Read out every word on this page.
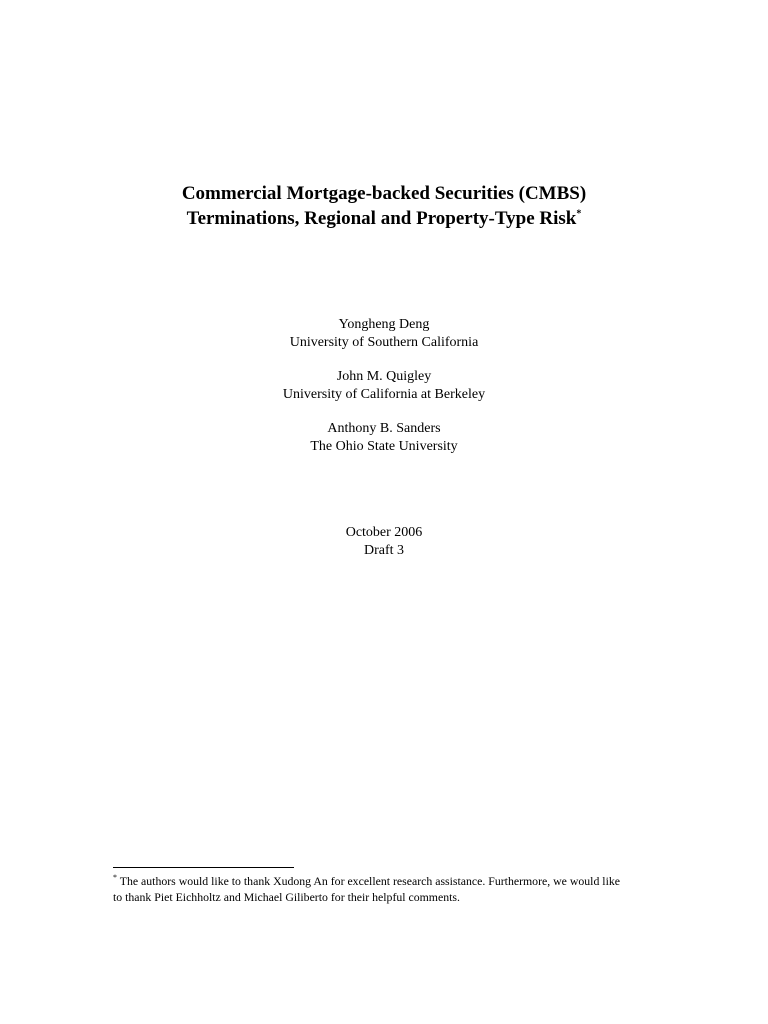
Commercial Mortgage-backed Securities (CMBS)
Terminations, Regional and Property-Type Risk*
Yongheng Deng
University of Southern California
John M. Quigley
University of California at Berkeley
Anthony B. Sanders
The Ohio State University
October 2006
Draft 3
* The authors would like to thank Xudong An for excellent research assistance. Furthermore, we would like
to thank Piet Eichholtz and Michael Giliberto for their helpful comments.
